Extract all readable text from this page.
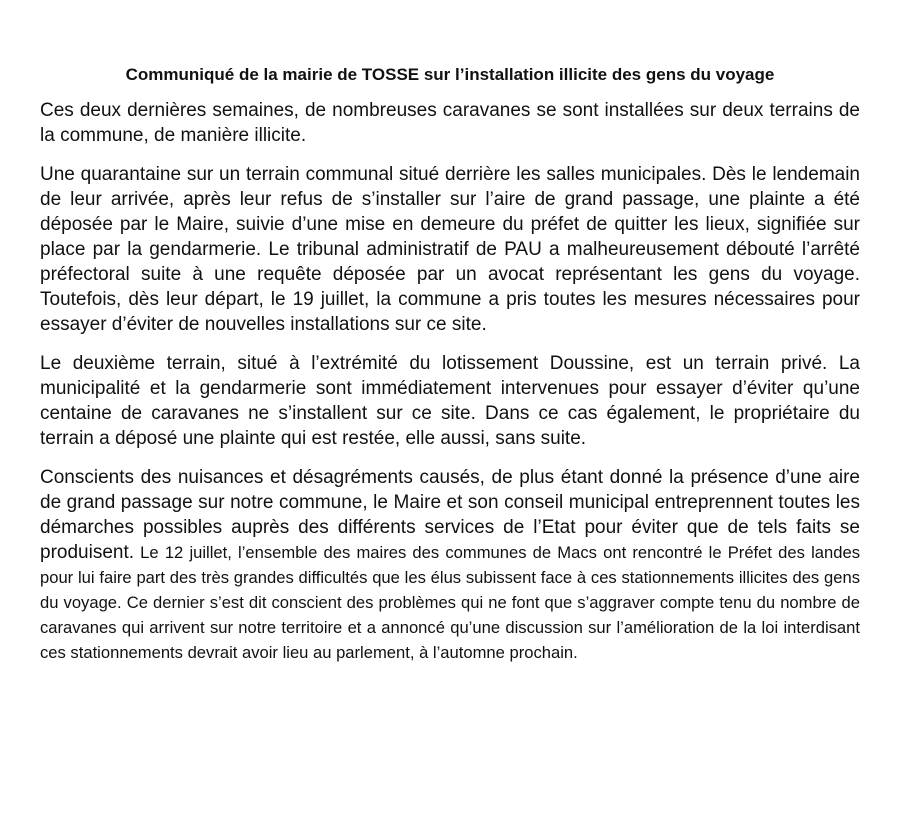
Communiqué de la mairie de TOSSE sur l’installation illicite des gens du voyage

Ces deux dernières semaines, de nombreuses caravanes se sont installées sur deux terrains de la commune, de manière illicite.

Une quarantaine sur un terrain communal situé derrière les salles municipales. Dès le lendemain de leur arrivée, après leur refus de s’installer sur l’aire de grand passage, une plainte a été déposée par le Maire, suivie d’une mise en demeure du préfet de quitter les lieux, signifiée sur place par la gendarmerie. Le tribunal administratif de PAU a malheureusement débouté l’arrêté préfectoral suite à une requête déposée par un avocat représentant les gens du voyage. Toutefois, dès leur départ, le 19 juillet, la commune a pris toutes les mesures nécessaires pour essayer d’éviter de nouvelles installations sur ce site.

Le deuxième terrain, situé à l’extrémité du lotissement Doussine, est un terrain privé. La municipalité et la gendarmerie sont immédiatement intervenues pour essayer d’éviter qu’une centaine de caravanes ne s’installent sur ce site. Dans ce cas également, le propriétaire du terrain a déposé une plainte qui est restée, elle aussi, sans suite.

Conscients des nuisances et désagréments causés, de plus étant donné la présence d’une aire de grand passage sur notre commune, le Maire et son conseil municipal entreprennent toutes les démarches possibles auprès des différents services de l’Etat pour éviter que de tels faits se produisent. Le 12 juillet, l’ensemble des maires des communes de Macs ont rencontré le Préfet des landes pour lui faire part des très grandes difficultés que les élus subissent face à ces stationnements illicites des gens du voyage. Ce dernier s’est dit conscient des problèmes qui ne font que s’aggraver compte tenu du nombre de caravanes qui arrivent sur notre territoire et a annoncé qu’une discussion sur l’amélioration de la loi interdisant ces stationnements devrait avoir lieu au parlement, à l’automne prochain.
